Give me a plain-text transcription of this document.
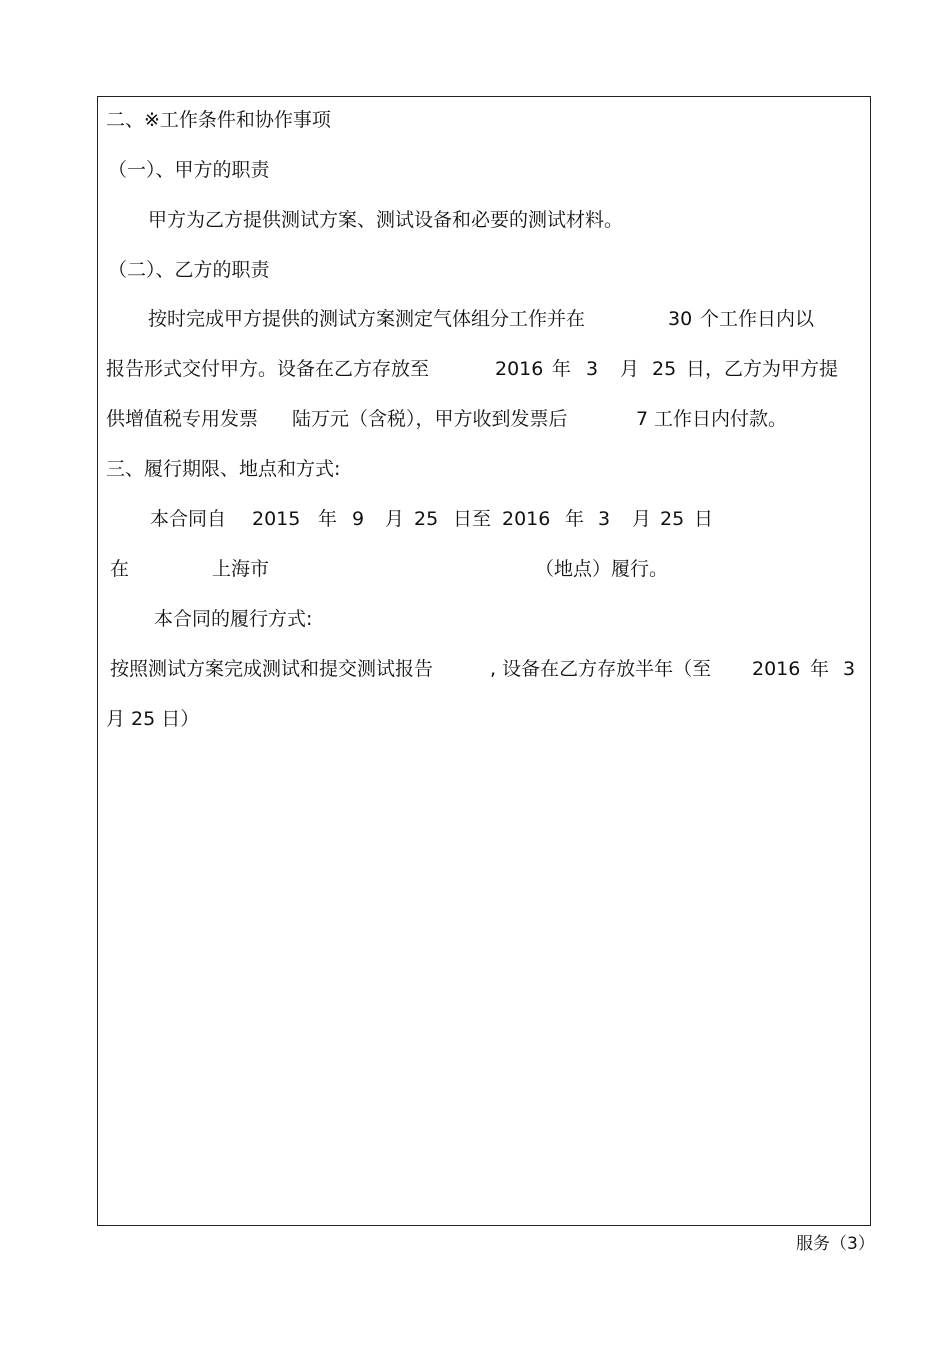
二、※工作条件和协作事项
（一）、甲方的职责
甲方为乙方提供测试方案、测试设备和必要的测试材料。
（二）、乙方的职责
按时完成甲方提供的测试方案测定气体组分工作并在	30 个工作日内以
报告形式交付甲方。设备在乙方存放至	2016 年 3 月 25 日，乙方为甲方提
供增值税专用发票 陆万元（含税），甲方收到发票后	7 工作日内付款。
三、履行期限、地点和方式:
本合同自 2015 年 9 月 25 日至 2016 年 3 月 25 日
在	上海市	（地点）履行。
本合同的履行方式:
按照测试方案完成测试和提交测试报告	, 设备在乙方存放半年（至 2016 年 3
月 25 日）
服务（3）
